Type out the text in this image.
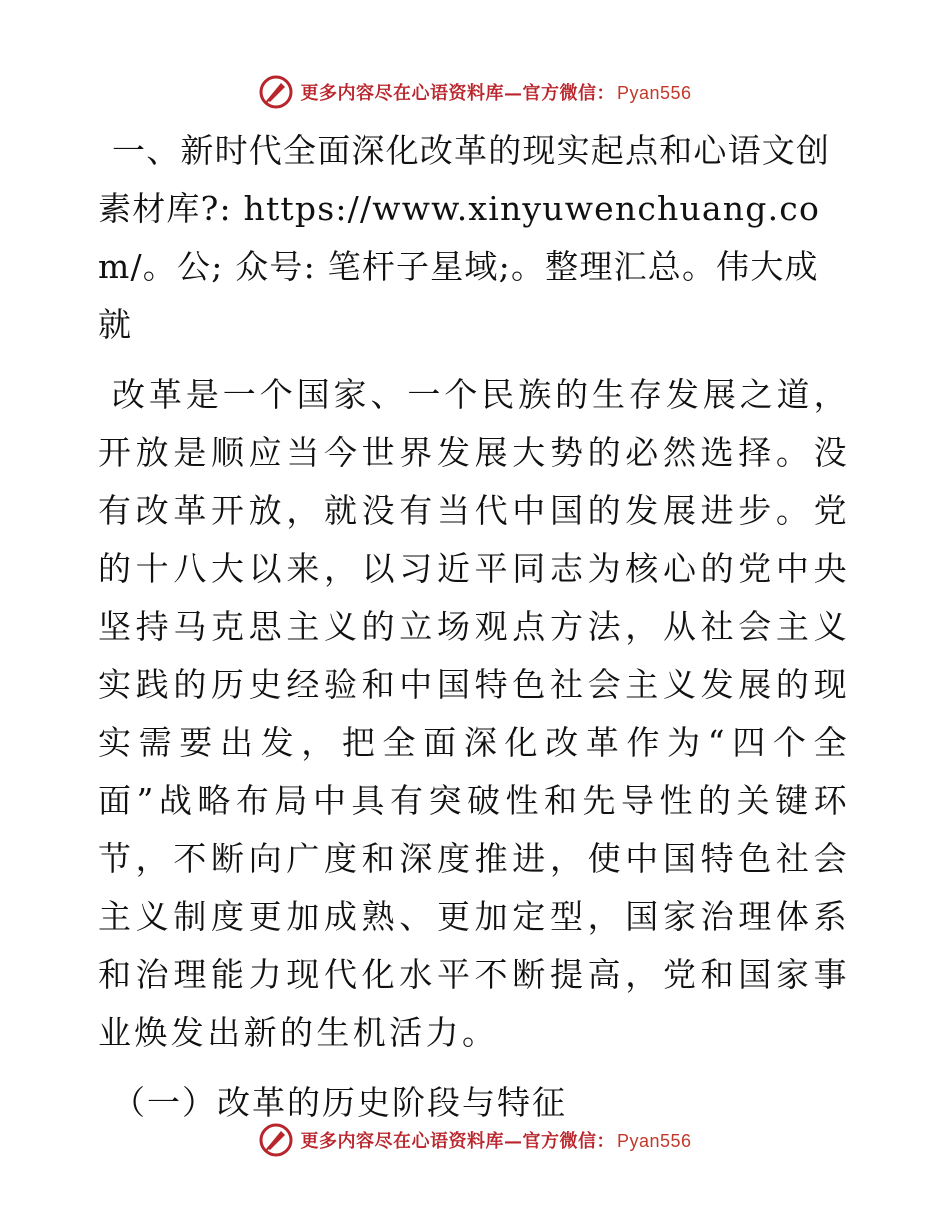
更多内容尽在心语资料库—官方微信： Pyan556
一、新时代全面深化改革的现实起点和心语文创素材库?: https://www.xinyuwenchuang.com/。公; 众号: 笔杆子星域;。整理汇总。伟大成就

改革是一个国家、一个民族的生存发展之道，开放是顺应当今世界发展大势的必然选择。没有改革开放，就没有当代中国的发展进步。党的十八大以来，以习近平同志为核心的党中央坚持马克思主义的立场观点方法，从社会主义实践的历史经验和中国特色社会主义发展的现实需要出发，把全面深化改革作为“四个全面”战略布局中具有突破性和先导性的关键环节，不断向广度和深度推进，使中国特色社会主义制度更加成熟、更加定型，国家治理体系和治理能力现代化水平不断提高，党和国家事业焕发出新的生机活力。

（一）改革的历史阶段与特征
更多内容尽在心语资料库—官方微信： Pyan556
